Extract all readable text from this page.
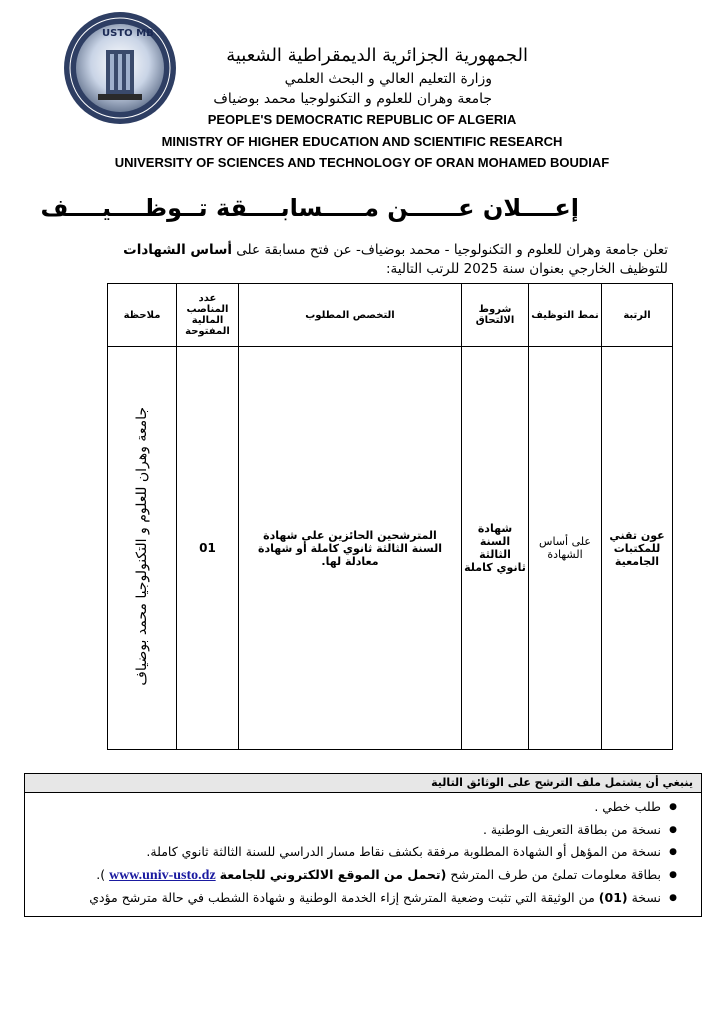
USTO MB
الجمهورية الجزائرية الديمقراطية الشعبية
وزارة التعليم العالي و البحث العلمي
جامعة وهران للعلوم و التكنولوجيا محمد بوضياف
PEOPLE'S DEMOCRATIC REPUBLIC OF ALGERIA
MINISTRY OF HIGHER EDUCATION AND SCIENTIFIC RESEARCH
UNIVERSITY OF SCIENCES AND TECHNOLOGY OF ORAN MOHAMED BOUDIAF
إعــــلان عــــــن مـــــسابــــقة تــوظــــيــــف
تعلن جامعة وهران للعلوم و التكنولوجيا - محمد بوضياف- عن فتح مسابقة على أساس الشهادات
للتوظيف الخارجي بعنوان سنة 2025 للرتب التالية:
الرتبة	نمط التوظيف	شروط الالتحاق	التخصص المطلوب	عدد المناصب المالية المفتوحة	ملاحظة
عون تقني للمكتبات الجامعية	على أساس الشهادة	شهادة السنة الثالثة ثانوي كاملة	المترشحين الحائزين على شهادة السنة الثالثة ثانوي كاملة أو شهادة معادلة لها.	01	جامعة وهران للعلوم و التكنولوجيا محمد بوضياف
ينبغي أن يشتمل ملف الترشح على الوثائق التالية
● طلب خطي .
● نسخة من بطاقة التعريف الوطنية .
● نسخة من المؤهل أو الشهادة المطلوبة مرفقة بكشف نقاط مسار الدراسي للسنة الثالثة ثانوي كاملة.
● بطاقة معلومات تملئ من طرف المترشح (تحمل من الموقع الالكتروني للجامعة www.univ-usto.dz ).
● نسخة (01) من الوثيقة التي تثبت وضعية المترشح إزاء الخدمة الوطنية و شهادة الشطب في حالة مترشح مؤدي
